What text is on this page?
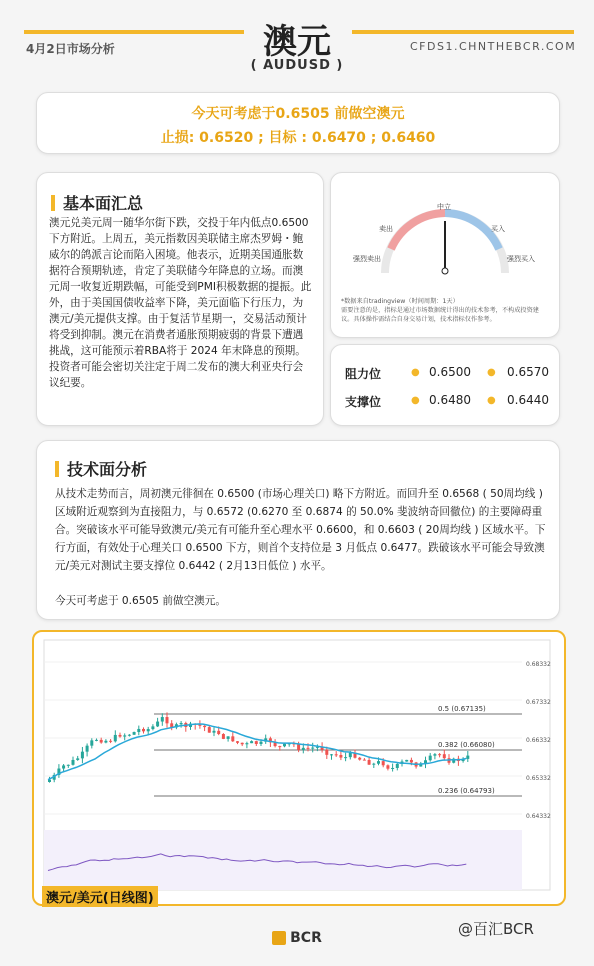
4月2日市场分析	CFDS1.CHNTHEBCR.COM
澳元
( AUDUSD )
今天可考虑于0.6505 前做空澳元
止损: 0.6520 ; 目标 : 0.6470 ; 0.6460
基本面汇总
澳元兑美元周一随华尔街下跌，交投于年内低点0.6500 下方附近。上周五，美元指数因美联储主席杰罗姆・鲍威尔的鸽派言论而陷入困境。他表示，近期美国通胀数据符合预期轨迹，肯定了美联储今年降息的立场。而澳元周一收复近期跌幅，可能受到PMI积极数据的提振。此外，由于美国国债收益率下降，美元面临下行压力，为澳元/美元提供支撑。由于复活节星期一，交易活动预计将受到抑制。澳元在消费者通胀预期疲弱的背景下遭遇挑战，这可能预示着RBA将于 2024 年末降息的预期。投资者可能会密切关注定于周二发布的澳大利亚央行会议纪要。
强烈卖出
卖出
中立
买入
强烈买入
*数据来自tradingview（时间周期：1天）
需要注意的是，指标是通过市场数据统计得出的技术参考，不构成投资建议。具体操作需结合自身交易计划，技术指标仅作参考。
阻力位	● 0.6500 ● 0.6570
支撑位	● 0.6480 ● 0.6440
技术面分析
从技术走势而言，周初澳元徘徊在 0.6500 (市场心理关口) 略下方附近。而回升至 0.6568 ( 50周均线 ) 区域附近观察到为直接阻力，与 0.6572 (0.6270 至 0.6874 的 50.0% 斐波纳奇回徹位) 的主要障碍重合。突破该水平可能导致澳元/美元有可能升至心理水平 0.6600，和 0.6603 ( 20周均线 ) 区域水平。下行方面，有效处于心理关口 0.6500 下方，则首个支持位是 3 月低点 0.6477。跌破该水平可能会导致澳元/美元对测试主要支撑位 0.6442 ( 2月13日低位 ) 水平。
今天可考虑于 0.6505 前做空澳元。
0.5 (0.67135)
0.382 (0.66080)
0.236 (0.64793)
0.68332
0.67332
0.66332
0.65332
0.64332
澳元/美元(日线图)
BCR	@百汇BCR
